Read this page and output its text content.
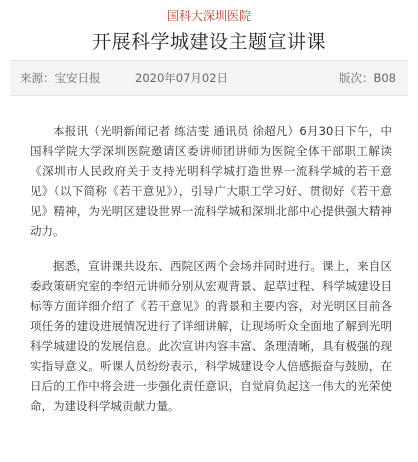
国科大深圳医院
开展科学城建设主题宣讲课
来源：宝安日报	2020年07月02日	版次：B08

本报讯（光明新闻记者 练洁雯 通讯员 徐超凡）6月30日下午，中国科学院大学深圳医院邀请区委讲师团讲师为医院全体干部职工解读《深圳市人民政府关于支持光明科学城打造世界一流科学城的若干意见》（以下简称《若干意见》），引导广大职工学习好、贯彻好《若干意见》精神，为光明区建设世界一流科学城和深圳北部中心提供强大精神动力。

据悉，宣讲课共设东、西院区两个会场并同时进行。课上，来自区委政策研究室的李绍元讲师分别从宏观背景、起草过程、科学城建设目标等方面详细介绍了《若干意见》的背景和主要内容，对光明区目前各项任务的建设进展情况进行了详细讲解，让现场听众全面地了解到光明科学城建设的发展信息。此次宣讲内容丰富、条理清晰，具有极强的现实指导意义。听课人员纷纷表示，科学城建设令人倍感振奋与鼓励，在日后的工作中将会进一步强化责任意识，自觉肩负起这一伟大的光荣使命，为建设科学城贡献力量。
